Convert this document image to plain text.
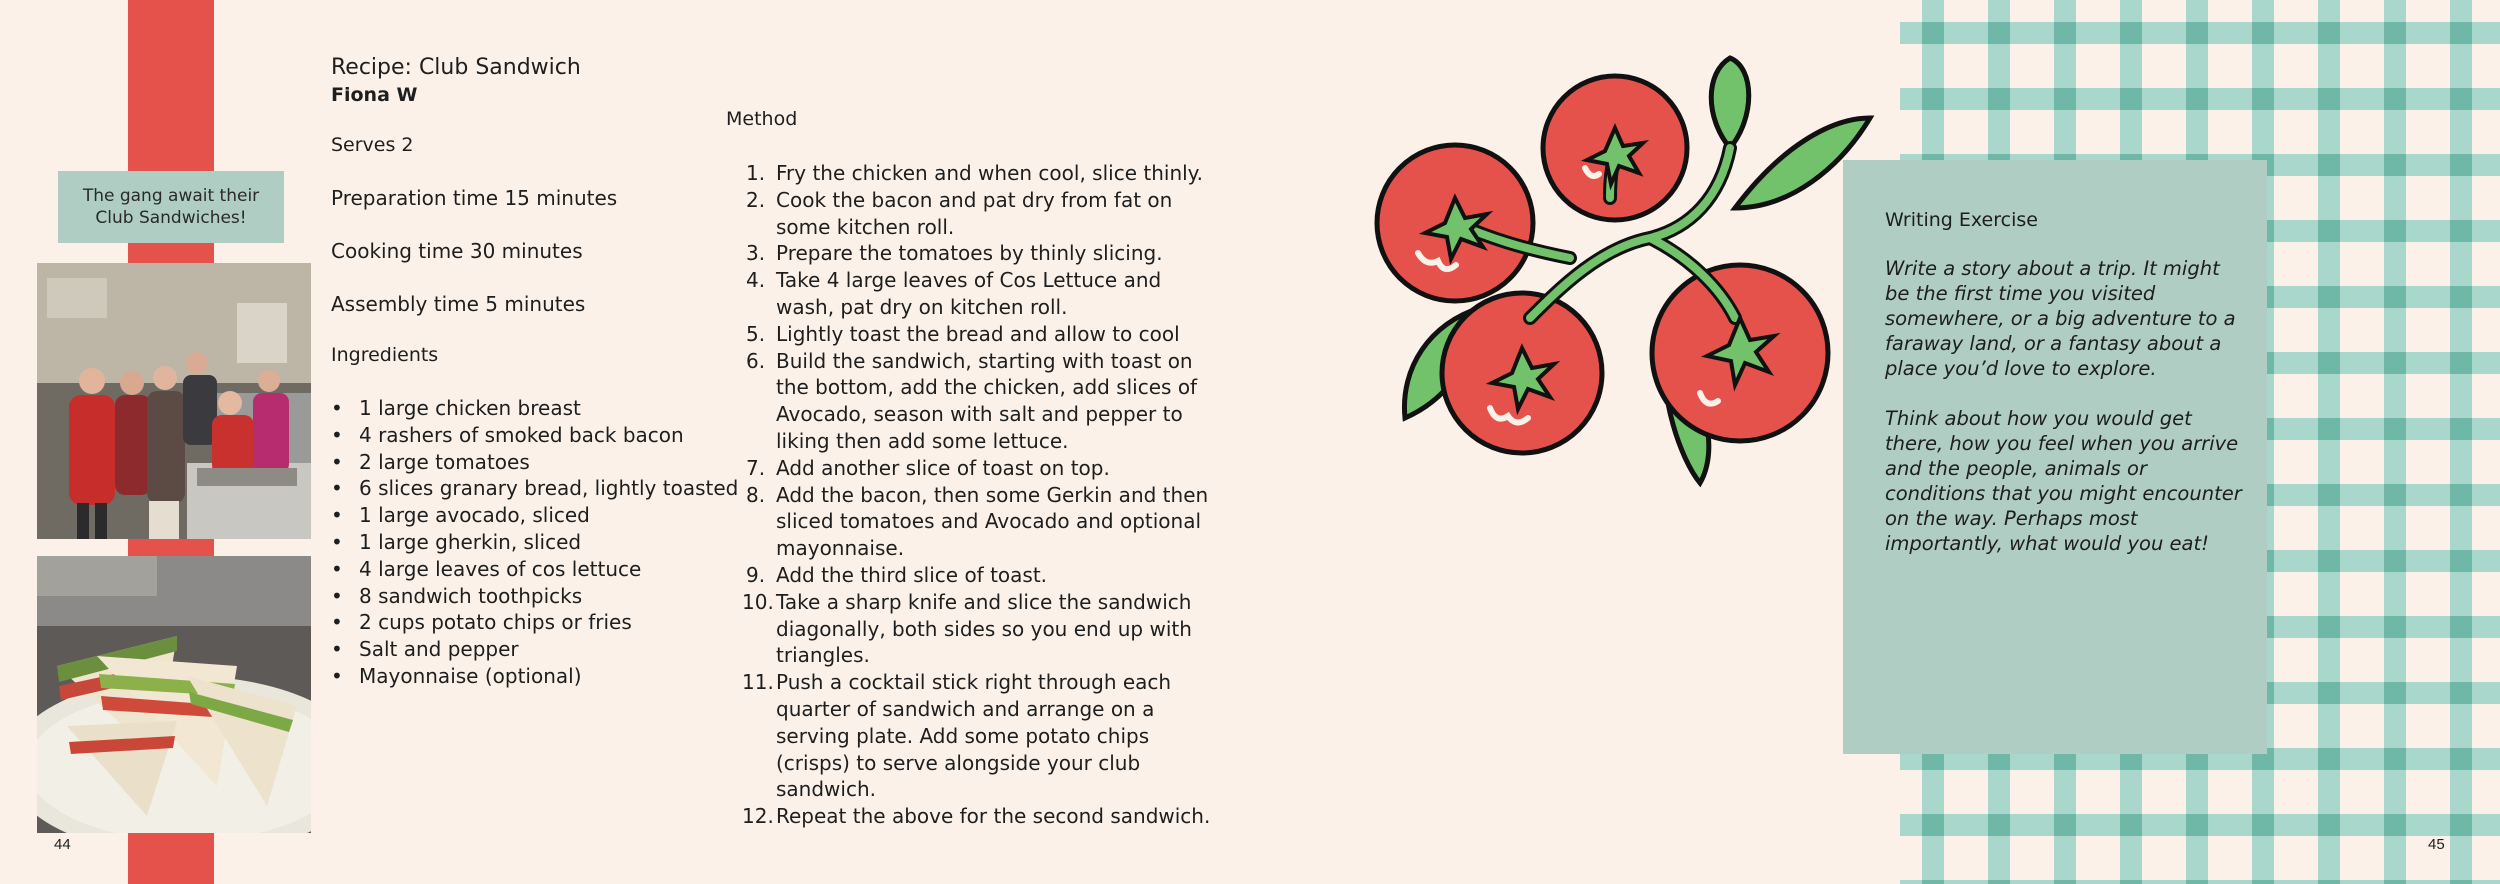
The gang await their Club Sandwiches!
44
Recipe: Club Sandwich
Fiona W
Serves 2
Preparation time 15 minutes
Cooking time 30 minutes
Assembly time 5 minutes
Ingredients
• 1 large chicken breast
• 4 rashers of smoked back bacon
• 2 large tomatoes
• 6 slices granary bread, lightly toasted
• 1 large avocado, sliced
• 1 large gherkin, sliced
• 4 large leaves of cos lettuce
• 8 sandwich toothpicks
• 2 cups potato chips or fries
• Salt and pepper
• Mayonnaise (optional)
Method
1. Fry the chicken and when cool, slice thinly.
2. Cook the bacon and pat dry from fat on some kitchen roll.
3. Prepare the tomatoes by thinly slicing.
4. Take 4 large leaves of Cos Lettuce and wash, pat dry on kitchen roll.
5. Lightly toast the bread and allow to cool
6. Build the sandwich, starting with toast on the bottom, add the chicken, add slices of Avocado, season with salt and pepper to liking then add some lettuce.
7. Add another slice of toast on top.
8. Add the bacon, then some Gerkin and then sliced tomatoes and Avocado and optional mayonnaise.
9. Add the third slice of toast.
10. Take a sharp knife and slice the sandwich diagonally, both sides so you end up with triangles.
11. Push a cocktail stick right through each quarter of sandwich and arrange on a serving plate. Add some potato chips (crisps) to serve alongside your club sandwich.
12. Repeat the above for the second sandwich.
Writing Exercise
Write a story about a trip. It might be the first time you visited somewhere, or a big adventure to a faraway land, or a fantasy about a place you’d love to explore.
Think about how you would get there, how you feel when you arrive and the people, animals or conditions that you might encounter on the way. Perhaps most importantly, what would you eat!
45
